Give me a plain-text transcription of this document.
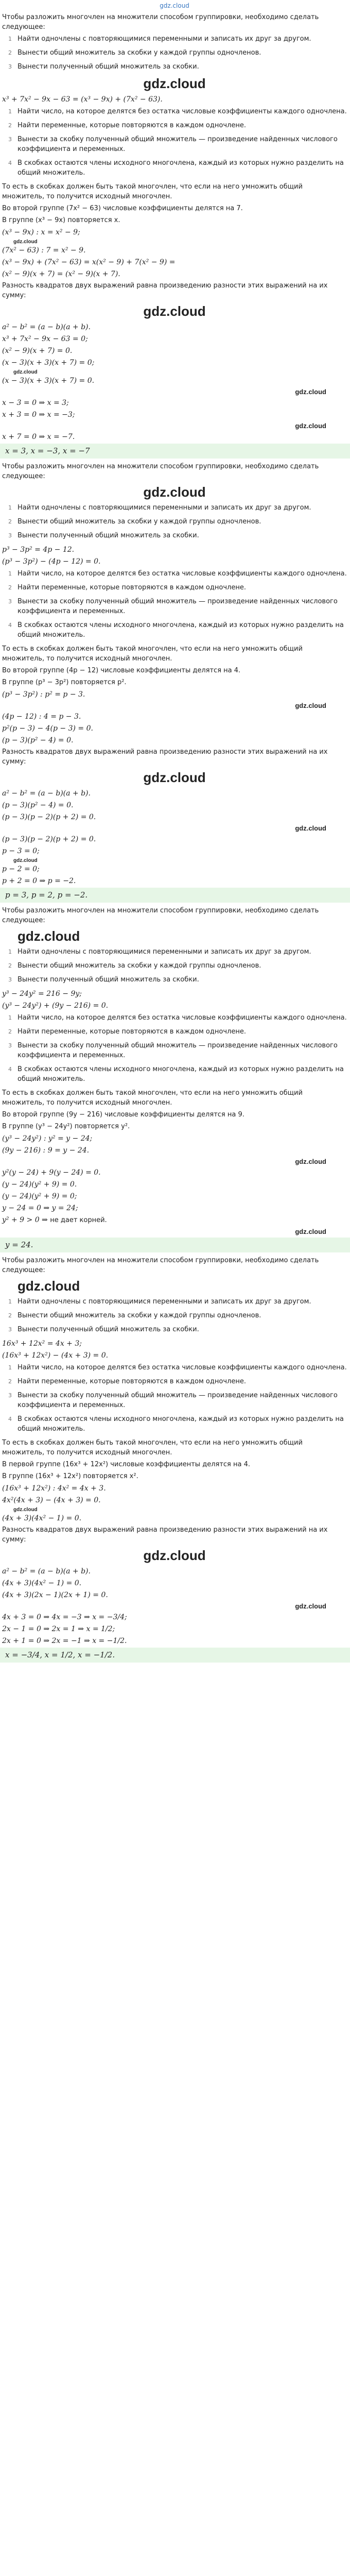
gdz.cloud

Чтобы разложить многочлен на множители способом группировки, необходимо сделать следующее:

1 Найти одночлены с повторяющимися переменными и записать их друг за другом.
2 Вынести общий множитель за скобки у каждой группы одночленов.
3 Вынести полученный общий множитель за скобки.
gdz.cloud
x³ + 7x² − 9x − 63 = (x³ − 9x) + (7x² − 63).
1 Найти число, на которое делятся без остатка числовые коэффициенты каждого одночлена.
2 Найти переменные, которые повторяются в каждом одночлене.
3 Вынести за скобку полученный общий множитель — произведение найденных числового коэффициента и переменных.
4 В скобках остаются члены исходного многочлена, каждый из которых нужно разделить на общий множитель.

То есть в скобках должен быть такой многочлен, что если на него умножить общий множитель, то получится исходный многочлен.

Во второй группе (7x² − 63) числовые коэффициенты делятся на 7.

В группе (x³ − 9x) повторяется x.

(x³ − 9x) : x = x² − 9;
gdz.cloud
(7x² − 63) : 7 = x² − 9.
(x³ − 9x) + (7x² − 63) = x(x² − 9) + 7(x² − 9) =
(x² − 9)(x + 7) = (x² − 9)(x + 7).

Разность квадратов двух выражений равна произведению разности этих выражений на их сумму:

gdz.cloud
a² − b² = (a − b)(a + b).
x³ + 7x² − 9x − 63 = 0;
(x² − 9)(x + 7) = 0.
(x − 3)(x + 3)(x + 7) = 0;
gdz.cloud
(x − 3)(x + 3)(x + 7) = 0.
gdz.cloud
x − 3 = 0 ⇒ x = 3;
x + 3 = 0 ⇒ x = −3;
gdz.cloud
x + 7 = 0 ⇒ x = −7.
x = 3, x = −3, x = −7

Чтобы разложить многочлен на множители способом группировки, необходимо сделать следующее:

gdz.cloud
1 Найти одночлены с повторяющимися переменными и записать их друг за другом.
2 Вынести общий множитель за скобки у каждой группы одночленов.
3 Вынести полученный общий множитель за скобки.
p³ − 3p² = 4p − 12.
(p³ − 3p²) − (4p − 12) = 0.
1 Найти число, на которое делятся без остатка числовые коэффициенты каждого одночлена.
2 Найти переменные, которые повторяются в каждом одночлене.
3 Вынести за скобку полученный общий множитель — произведение найденных числового коэффициента и переменных.
4 В скобках остаются члены исходного многочлена, каждый из которых нужно разделить на общий множитель.

То есть в скобках должен быть такой многочлен, что если на него умножить общий множитель, то получится исходный многочлен.

Во второй группе (4p − 12) числовые коэффициенты делятся на 4.

В группе (p³ − 3p²) повторяется p².

(p³ − 3p²) : p² = p − 3.
gdz.cloud
(4p − 12) : 4 = p − 3.
p²(p − 3) − 4(p − 3) = 0.
(p − 3)(p² − 4) = 0.

Разность квадратов двух выражений равна произведению разности этих выражений на их сумму:

gdz.cloud
a² − b² = (a − b)(a + b).
(p − 3)(p² − 4) = 0.
(p − 3)(p − 2)(p + 2) = 0.
gdz.cloud
(p − 3)(p − 2)(p + 2) = 0.
p − 3 = 0;
gdz.cloud
p − 2 = 0;
p + 2 = 0 ⇒ p = −2.
p = 3, p = 2, p = −2.

Чтобы разложить многочлен на множители способом группировки, необходимо сделать следующее:

gdz.cloud
1 Найти одночлены с повторяющимися переменными и записать их друг за другом.
2 Вынести общий множитель за скобки у каждой группы одночленов.
3 Вынести полученный общий множитель за скобки.
y³ − 24y² = 216 − 9y;
(y³ − 24y²) + (9y − 216) = 0.
1 Найти число, на которое делятся без остатка числовые коэффициенты каждого одночлена.
2 Найти переменные, которые повторяются в каждом одночлене.
3 Вынести за скобку полученный общий множитель — произведение найденных числового коэффициента и переменных.
4 В скобках остаются члены исходного многочлена, каждый из которых нужно разделить на общий множитель.

То есть в скобках должен быть такой многочлен, что если на него умножить общий множитель, то получится исходный многочлен.

Во второй группе (9y − 216) числовые коэффициенты делятся на 9.

В группе (y³ − 24y²) повторяется y².

(y³ − 24y²) : y² = y − 24;
(9y − 216) : 9 = y − 24.
gdz.cloud
y²(y − 24) + 9(y − 24) = 0.
(y − 24)(y² + 9) = 0.
(y − 24)(y² + 9) = 0;
y − 24 = 0 ⇒ y = 24;
y² + 9 > 0 ⇒ не дает корней.
gdz.cloud
y = 24.

Чтобы разложить многочлен на множители способом группировки, необходимо сделать следующее:

gdz.cloud
1 Найти одночлены с повторяющимися переменными и записать их друг за другом.
2 Вынести общий множитель за скобки у каждой группы одночленов.
3 Вынести полученный общий множитель за скобки.
16x³ + 12x² = 4x + 3;
(16x³ + 12x²) − (4x + 3) = 0.
1 Найти число, на которое делятся без остатка числовые коэффициенты каждого одночлена.
2 Найти переменные, которые повторяются в каждом одночлене.
3 Вынести за скобку полученный общий множитель — произведение найденных числового коэффициента и переменных.
4 В скобках остаются члены исходного многочлена, каждый из которых нужно разделить на общий множитель.

То есть в скобках должен быть такой многочлен, что если на него умножить общий множитель, то получится исходный многочлен.

В первой группе (16x³ + 12x²) числовые коэффициенты делятся на 4.

В группе (16x³ + 12x²) повторяется x².

(16x³ + 12x²) : 4x² = 4x + 3.
4x²(4x + 3) − (4x + 3) = 0.
gdz.cloud
(4x + 3)(4x² − 1) = 0.

Разность квадратов двух выражений равна произведению разности этих выражений на их сумму:

gdz.cloud
a² − b² = (a − b)(a + b).
(4x + 3)(4x² − 1) = 0.
(4x + 3)(2x − 1)(2x + 1) = 0.
gdz.cloud
4x + 3 = 0 ⇒ 4x = −3 ⇒ x = −3/4;
2x − 1 = 0 ⇒ 2x = 1 ⇒ x = 1/2;
2x + 1 = 0 ⇒ 2x = −1 ⇒ x = −1/2.
x = −3/4, x = 1/2, x = −1/2.
